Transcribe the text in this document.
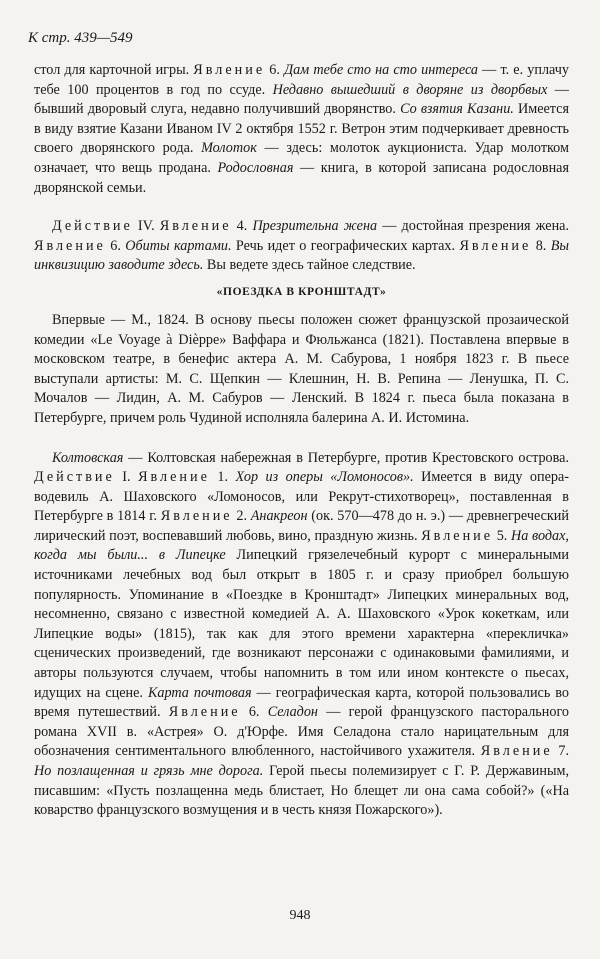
К стр. 439—549

стол для карточной игры. Явление 6. Дам тебе сто на сто интереса — т. е. уплачу тебе 100 процентов в год по ссуде. Недавно вышедший в дворяне из дворбвых — бывший дворовый слуга, недавно получивший дворянство. Со взятия Казани. Имеется в виду взятие Казани Иваном IV 2 октября 1552 г. Ветрон этим подчеркивает древность своего дворянского рода. Молоток — здесь: молоток аукциониста. Удар молотком означает, что вещь продана. Родословная — книга, в которой записана родословная дворянской семьи.

Действие IV. Явление 4. Презрительна жена — достойная презрения жена. Явление 6. Обиты картами. Речь идет о географических картах. Явление 8. Вы инквизицию заводите здесь. Вы ведете здесь тайное следствие.

«ПОЕЗДКА В КРОНШТАДТ»

Впервые — М., 1824. В основу пьесы положен сюжет французской прозаической комедии «Le Voyage à Dièppe» Ваффара и Фюльжанса (1821). Поставлена впервые в московском театре, в бенефис актера А. М. Сабурова, 1 ноября 1823 г. В пьесе выступали артисты: М. С. Щепкин — Клешнин, Н. В. Репина — Ленушка, П. С. Мочалов — Лидин, А. М. Сабуров — Ленский. В 1824 г. пьеса была показана в Петербурге, причем роль Чудиной исполняла балерина А. И. Истомина.

Колтовская — Колтовская набережная в Петербурге, против Крестовского острова. Действие I. Явление 1. Хор из оперы «Ломоносов». Имеется в виду опера-водевиль А. Шаховского «Ломоносов, или Рекрут-стихотворец», поставленная в Петербурге в 1814 г. Явление 2. Анакреон (ок. 570—478 до н. э.) — древнегреческий лирический поэт, воспевавший любовь, вино, праздную жизнь. Явление 5. На водах, когда мы были... в Липецке Липецкий грязелечебный курорт с минеральными источниками лечебных вод был открыт в 1805 г. и сразу приобрел большую популярность. Упоминание в «Поездке в Кронштадт» Липецких минеральных вод, несомненно, связано с известной комедией А. А. Шаховского «Урок кокеткам, или Липецкие воды» (1815), так как для этого времени характерна «перекличка» сценических произведений, где возникают персонажи с одинаковыми фамилиями, и авторы пользуются случаем, чтобы напомнить в том или ином контексте о пьесах, идущих на сцене. Карта почтовая — географическая карта, которой пользовались во время путешествий. Явление 6. Селадон — герой французского пасторального романа XVII в. «Астрея» О. д'Юрфе. Имя Селадона стало нарицательным для обозначения сентиментального влюбленного, настойчивого ухажителя. Явление 7. Но позлащенная и грязь мне дорога. Герой пьесы полемизирует с Г. Р. Державиным, писавшим: «Пусть позлащенна медь блистает, Но блещет ли она сама собой?» («На коварство французского возмущения и в честь князя Пожарского»).

948
